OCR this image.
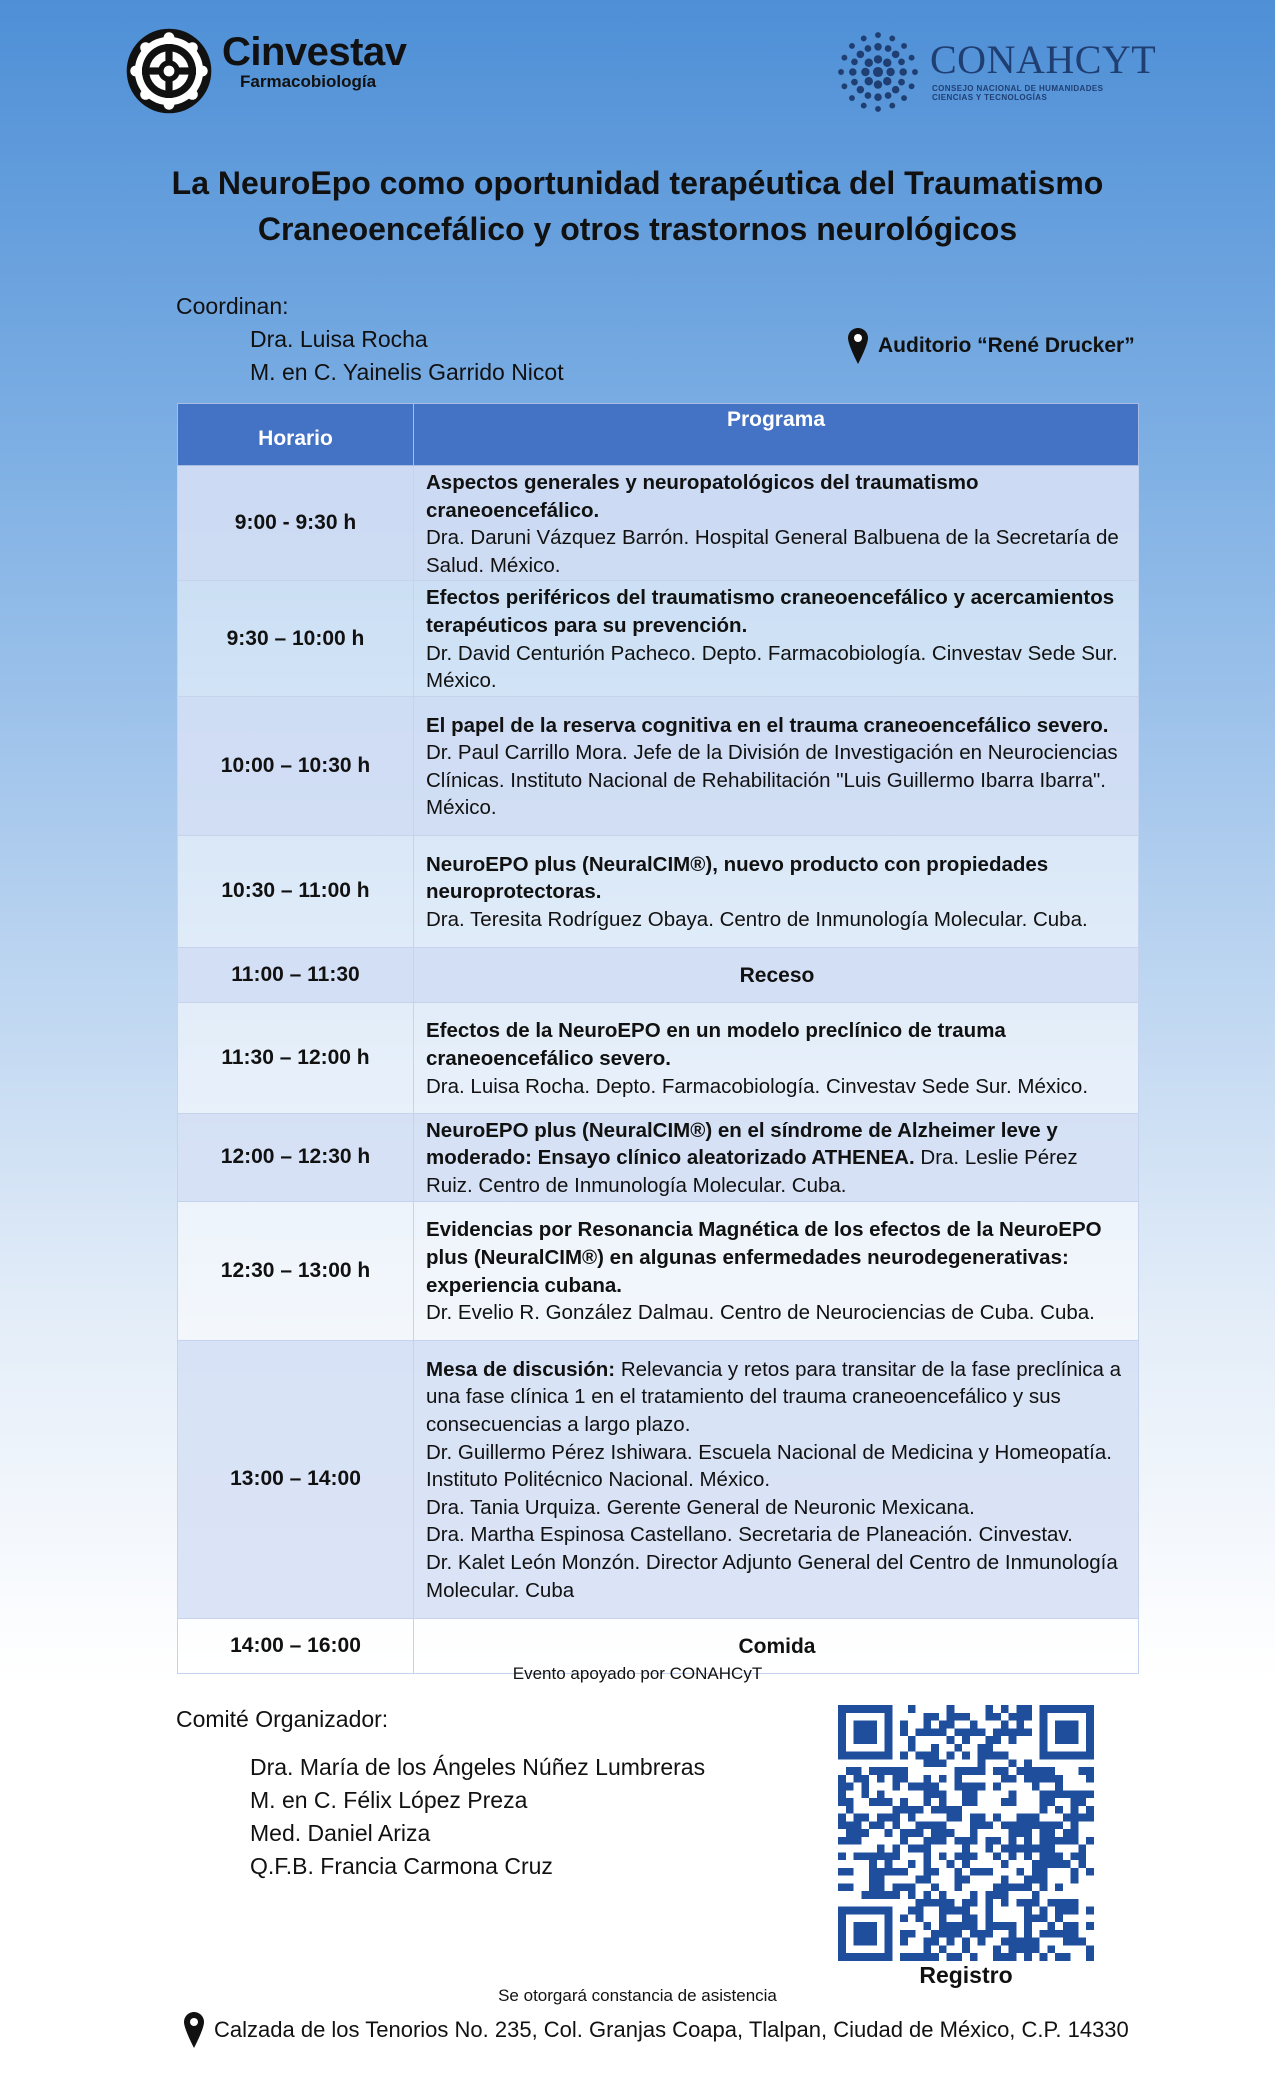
Cinvestav
Farmacobiología	CONAHCYT
CONSEJO NACIONAL DE HUMANIDADES
CIENCIAS Y TECNOLOGÍAS
La NeuroEpo como oportunidad terapéutica del Traumatismo
Craneoencefálico y otros trastornos neurológicos
Coordinan:
Dra. Luisa Rocha
M. en C. Yainelis Garrido Nicot
Auditorio “René Drucker”
Horario	Programa
9:00 - 9:30 h	Aspectos generales y neuropatológicos del traumatismo craneoencefálico.
Dra. Daruni Vázquez Barrón. Hospital General Balbuena de la Secretaría de Salud. México.
9:30 – 10:00 h	Efectos periféricos del traumatismo craneoencefálico y acercamientos terapéuticos para su prevención.
Dr. David Centurión Pacheco. Depto. Farmacobiología. Cinvestav Sede Sur. México.
10:00 – 10:30 h	El papel de la reserva cognitiva en el trauma craneoencefálico severo.
Dr. Paul Carrillo Mora. Jefe de la División de Investigación en Neurociencias Clínicas. Instituto Nacional de Rehabilitación "Luis Guillermo Ibarra Ibarra". México.
10:30 – 11:00 h	NeuroEPO plus (NeuralCIM®), nuevo producto con propiedades neuroprotectoras.
Dra. Teresita Rodríguez Obaya. Centro de Inmunología Molecular. Cuba.
11:00 – 11:30	Receso
11:30 – 12:00 h	Efectos de la NeuroEPO en un modelo preclínico de trauma craneoencefálico severo.
Dra. Luisa Rocha. Depto. Farmacobiología. Cinvestav Sede Sur. México.
12:00 – 12:30 h	NeuroEPO plus (NeuralCIM®) en el síndrome de Alzheimer leve y moderado: Ensayo clínico aleatorizado ATHENEA. Dra. Leslie Pérez Ruiz. Centro de Inmunología Molecular. Cuba.
12:30 – 13:00 h	Evidencias por Resonancia Magnética de los efectos de la NeuroEPO plus (NeuralCIM®) en algunas enfermedades neurodegenerativas: experiencia cubana.
Dr. Evelio R. González Dalmau. Centro de Neurociencias de Cuba. Cuba.
13:00 – 14:00	Mesa de discusión: Relevancia y retos para transitar de la fase preclínica a una fase clínica 1 en el tratamiento del trauma craneoencefálico y sus consecuencias a largo plazo.
Dr. Guillermo Pérez Ishiwara. Escuela Nacional de Medicina y Homeopatía. Instituto Politécnico Nacional. México.
Dra. Tania Urquiza. Gerente General de Neuronic Mexicana.
Dra. Martha Espinosa Castellano. Secretaria de Planeación. Cinvestav.
Dr. Kalet León Monzón. Director Adjunto General del Centro de Inmunología Molecular. Cuba
14:00 – 16:00	Comida
Evento apoyado por CONAHCyT
Comité Organizador:
Dra. María de los Ángeles Núñez Lumbreras
M. en C. Félix López Preza
Med. Daniel Ariza
Q.F.B. Francia Carmona Cruz
Registro
Se otorgará constancia de asistencia
Calzada de los Tenorios No. 235, Col. Granjas Coapa, Tlalpan, Ciudad de México, C.P. 14330
